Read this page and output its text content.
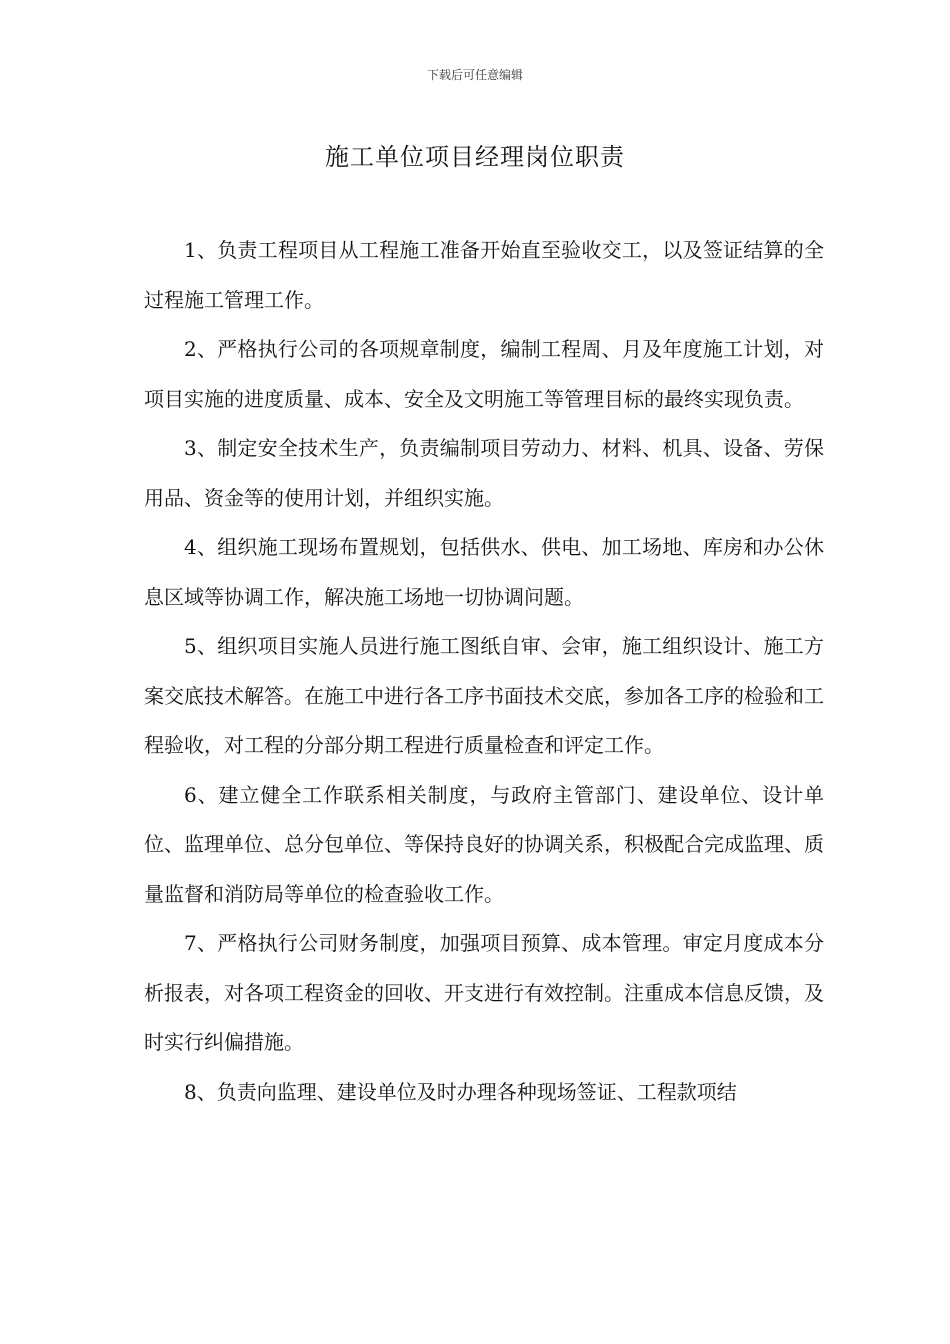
下载后可任意编辑
施工单位项目经理岗位职责

1、负责工程项目从工程施工准备开始直至验收交工，以及签证结算的全过程施工管理工作。

2、严格执行公司的各项规章制度，编制工程周、月及年度施工计划，对项目实施的进度质量、成本、安全及文明施工等管理目标的最终实现负责。

3、制定安全技术生产，负责编制项目劳动力、材料、机具、设备、劳保用品、资金等的使用计划，并组织实施。

4、组织施工现场布置规划，包括供水、供电、加工场地、库房和办公休息区域等协调工作，解决施工场地一切协调问题。

5、组织项目实施人员进行施工图纸自审、会审，施工组织设计、施工方案交底技术解答。在施工中进行各工序书面技术交底，参加各工序的检验和工程验收，对工程的分部分期工程进行质量检查和评定工作。

6、建立健全工作联系相关制度，与政府主管部门、建设单位、设计单位、监理单位、总分包单位、等保持良好的协调关系，积极配合完成监理、质量监督和消防局等单位的检查验收工作。

7、严格执行公司财务制度，加强项目预算、成本管理。审定月度成本分析报表，对各项工程资金的回收、开支进行有效控制。注重成本信息反馈，及时实行纠偏措施。

8、负责向监理、建设单位及时办理各种现场签证、工程款项结
